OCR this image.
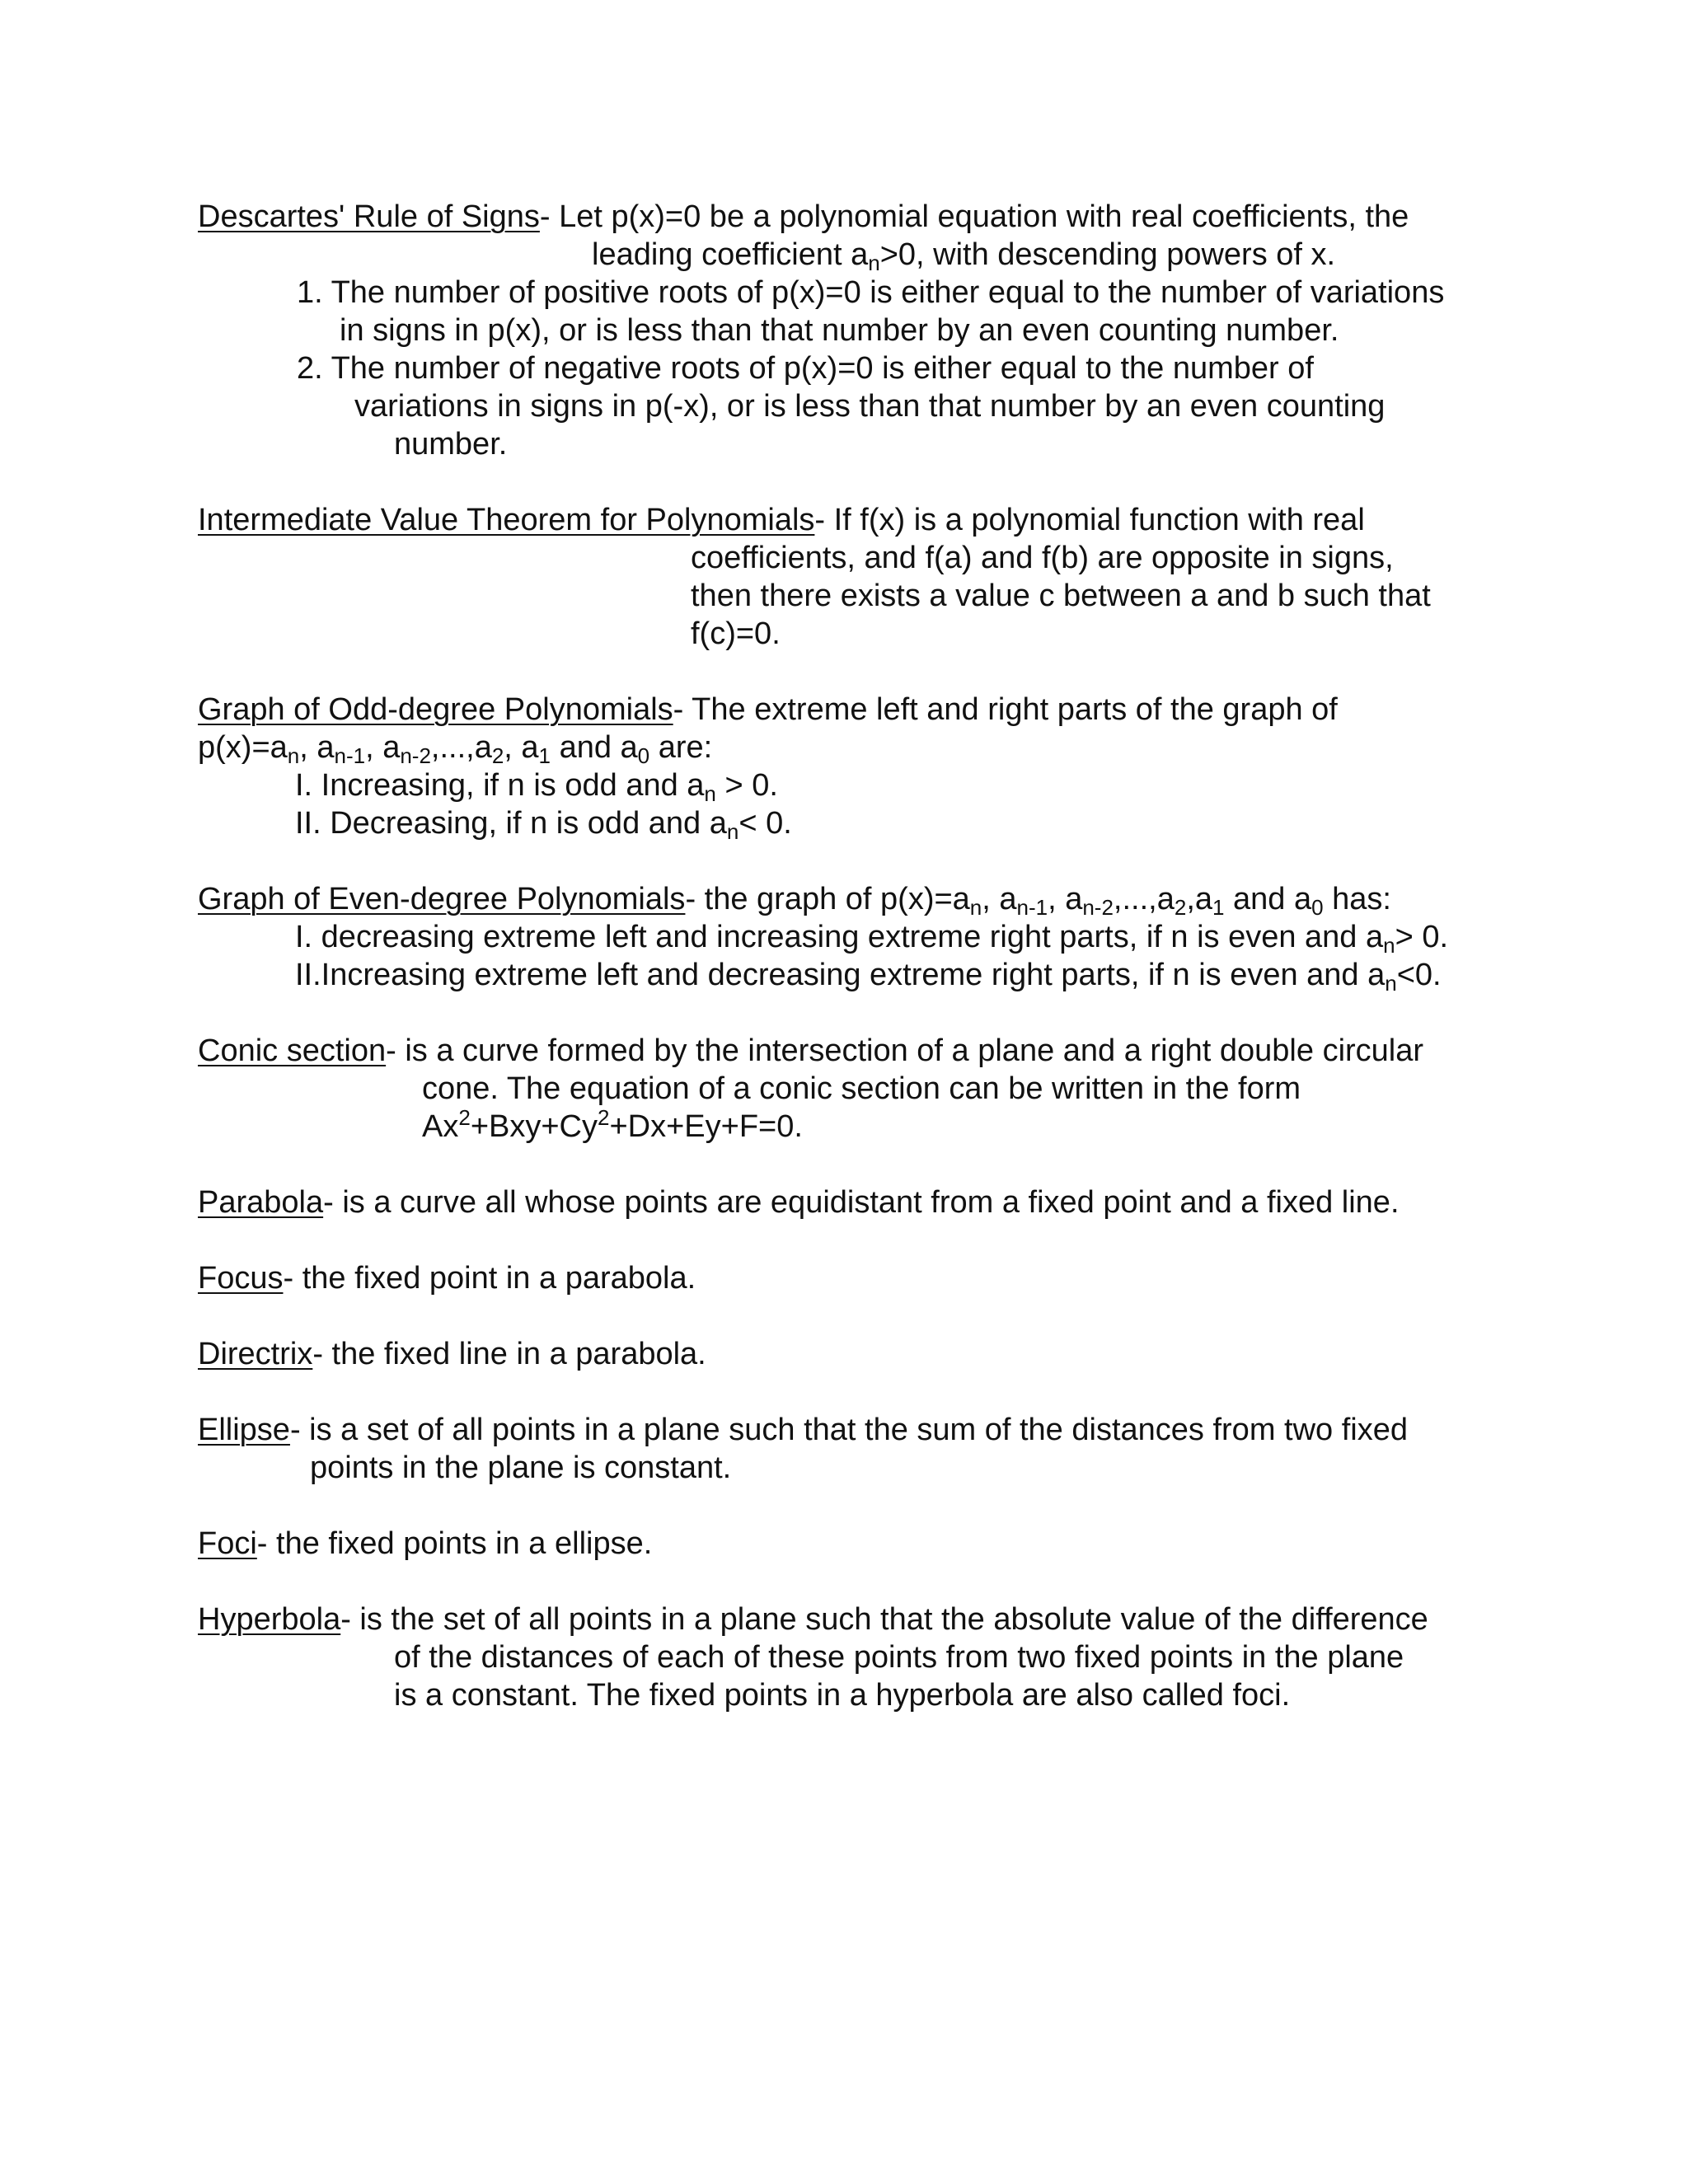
Descartes' Rule of Signs- Let p(x)=0 be a polynomial equation with real coefficients, the
leading coefficient $a_n>0$, with descending powers of x.
1. The number of positive roots of p(x)=0 is either equal to the number of variations
in signs in p(x), or is less than that number by an even counting number.
2. The number of negative roots of p(x)=0 is either equal to the number of
variations in signs in p(-x), or is less than that number by an even counting
number.
Intermediate Value Theorem for Polynomials- If f(x) is a polynomial function with real
coefficients, and f(a) and f(b) are opposite in signs,
then there exists a value c between a and b such that
f(c)=0.
Graph of Odd-degree Polynomials- The extreme left and right parts of the graph of
$p(x)=a_n$, $a_{n-1}$, $a_{n-2},...,a_2$, $a_1$ and $a_0$ are:
I. Increasing, if n is odd and $a_n > 0$.
II. Decreasing, if n is odd and $a_n< 0$.
Graph of Even-degree Polynomials- the graph of $p(x)=a_n$, $a_{n-1}$, $a_{n-2},...,a_2,a_1$ and $a_0$ has:
I. decreasing extreme left and increasing extreme right parts, if n is even and $a_n> 0$.
II.Increasing extreme left and decreasing extreme right parts, if n is even and $a_n<0$.
Conic section- is a curve formed by the intersection of a plane and a right double circular
cone. The equation of a conic section can be written in the form
$Ax^2+Bxy+Cy^2+Dx+Ey+F=0$.
Parabola- is a curve all whose points are equidistant from a fixed point and a fixed line.
Focus- the fixed point in a parabola.
Directrix- the fixed line in a parabola.
Ellipse- is a set of all points in a plane such that the sum of the distances from two fixed
points in the plane is constant.
Foci- the fixed points in a ellipse.
Hyperbola- is the set of all points in a plane such that the absolute value of the difference
of the distances of each of these points from two fixed points in the plane
is a constant. The fixed points in a hyperbola are also called foci.
